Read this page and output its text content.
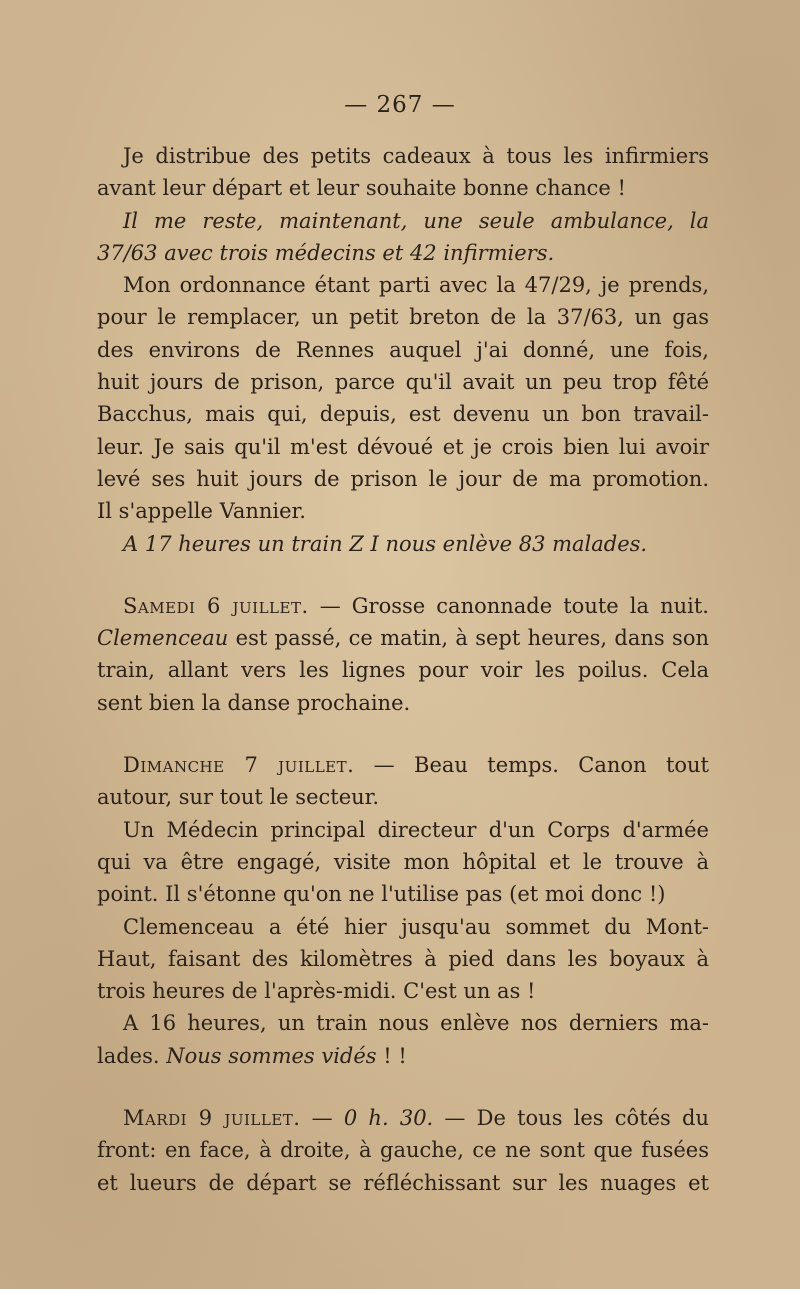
— 267 —
Je distribue des petits cadeaux à tous les infirmiers
avant leur départ et leur souhaite bonne chance !
Il me reste, maintenant, une seule ambulance, la
37/63 avec trois médecins et 42 infirmiers.
Mon ordonnance étant parti avec la 47/29, je prends,
pour le remplacer, un petit breton de la 37/63, un gas
des environs de Rennes auquel j'ai donné, une fois,
huit jours de prison, parce qu'il avait un peu trop fêté
Bacchus, mais qui, depuis, est devenu un bon travail-
leur. Je sais qu'il m'est dévoué et je crois bien lui avoir
levé ses huit jours de prison le jour de ma promotion.
Il s'appelle Vannier.
A 17 heures un train Z I nous enlève 83 malades.
Samedi 6 juillet. — Grosse canonnade toute la nuit.
Clemenceau est passé, ce matin, à sept heures, dans son
train, allant vers les lignes pour voir les poilus. Cela
sent bien la danse prochaine.
Dimanche 7 juillet. — Beau temps. Canon tout
autour, sur tout le secteur.
Un Médecin principal directeur d'un Corps d'armée
qui va être engagé, visite mon hôpital et le trouve à
point. Il s'étonne qu'on ne l'utilise pas (et moi donc !)
Clemenceau a été hier jusqu'au sommet du Mont-
Haut, faisant des kilomètres à pied dans les boyaux à
trois heures de l'après-midi. C'est un as !
A 16 heures, un train nous enlève nos derniers ma-
lades. Nous sommes vidés ! !
Mardi 9 juillet. — 0 h. 30. — De tous les côtés du
front: en face, à droite, à gauche, ce ne sont que fusées
et lueurs de départ se réfléchissant sur les nuages et
